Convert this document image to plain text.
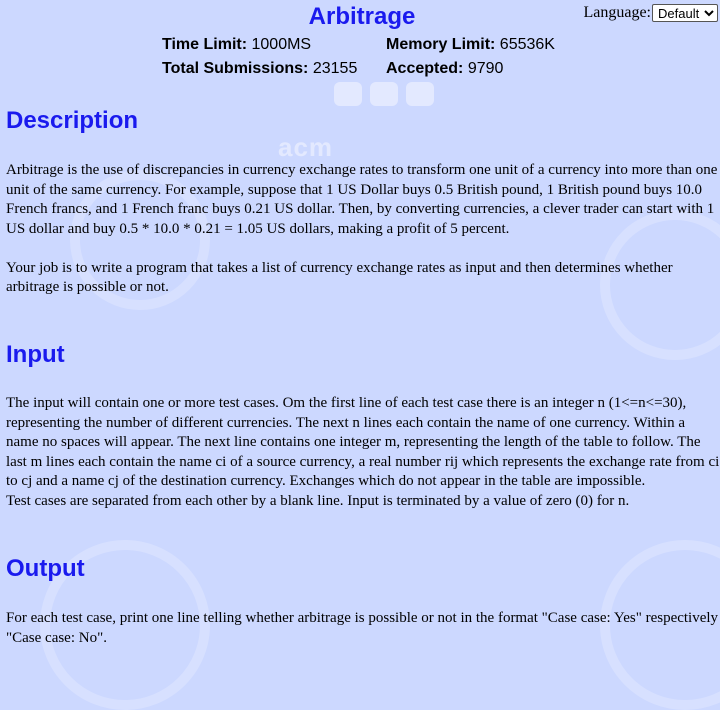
acm
Arbitrage	Language:
Default
Time Limit: 1000MS	Memory Limit: 65536K
Total Submissions: 23155	Accepted: 9790
Description

Arbitrage is the use of discrepancies in currency exchange rates to transform one unit of a currency into more than one unit of the same currency. For example, suppose that 1 US Dollar buys 0.5 British pound, 1 British pound buys 10.0 French francs, and 1 French franc buys 0.21 US dollar. Then, by converting currencies, a clever trader can start with 1 US dollar and buy 0.5 * 10.0 * 0.21 = 1.05 US dollars, making a profit of 5 percent.

Your job is to write a program that takes a list of currency exchange rates as input and then determines whether arbitrage is possible or not.

Input

The input will contain one or more test cases. Om the first line of each test case there is an integer n (1<=n<=30), representing the number of different currencies. The next n lines each contain the name of one currency. Within a name no spaces will appear. The next line contains one integer m, representing the length of the table to follow. The last m lines each contain the name ci of a source currency, a real number rij which represents the exchange rate from ci to cj and a name cj of the destination currency. Exchanges which do not appear in the table are impossible.

Test cases are separated from each other by a blank line. Input is terminated by a value of zero (0) for n.

Output

For each test case, print one line telling whether arbitrage is possible or not in the format "Case case: Yes" respectively "Case case: No".
